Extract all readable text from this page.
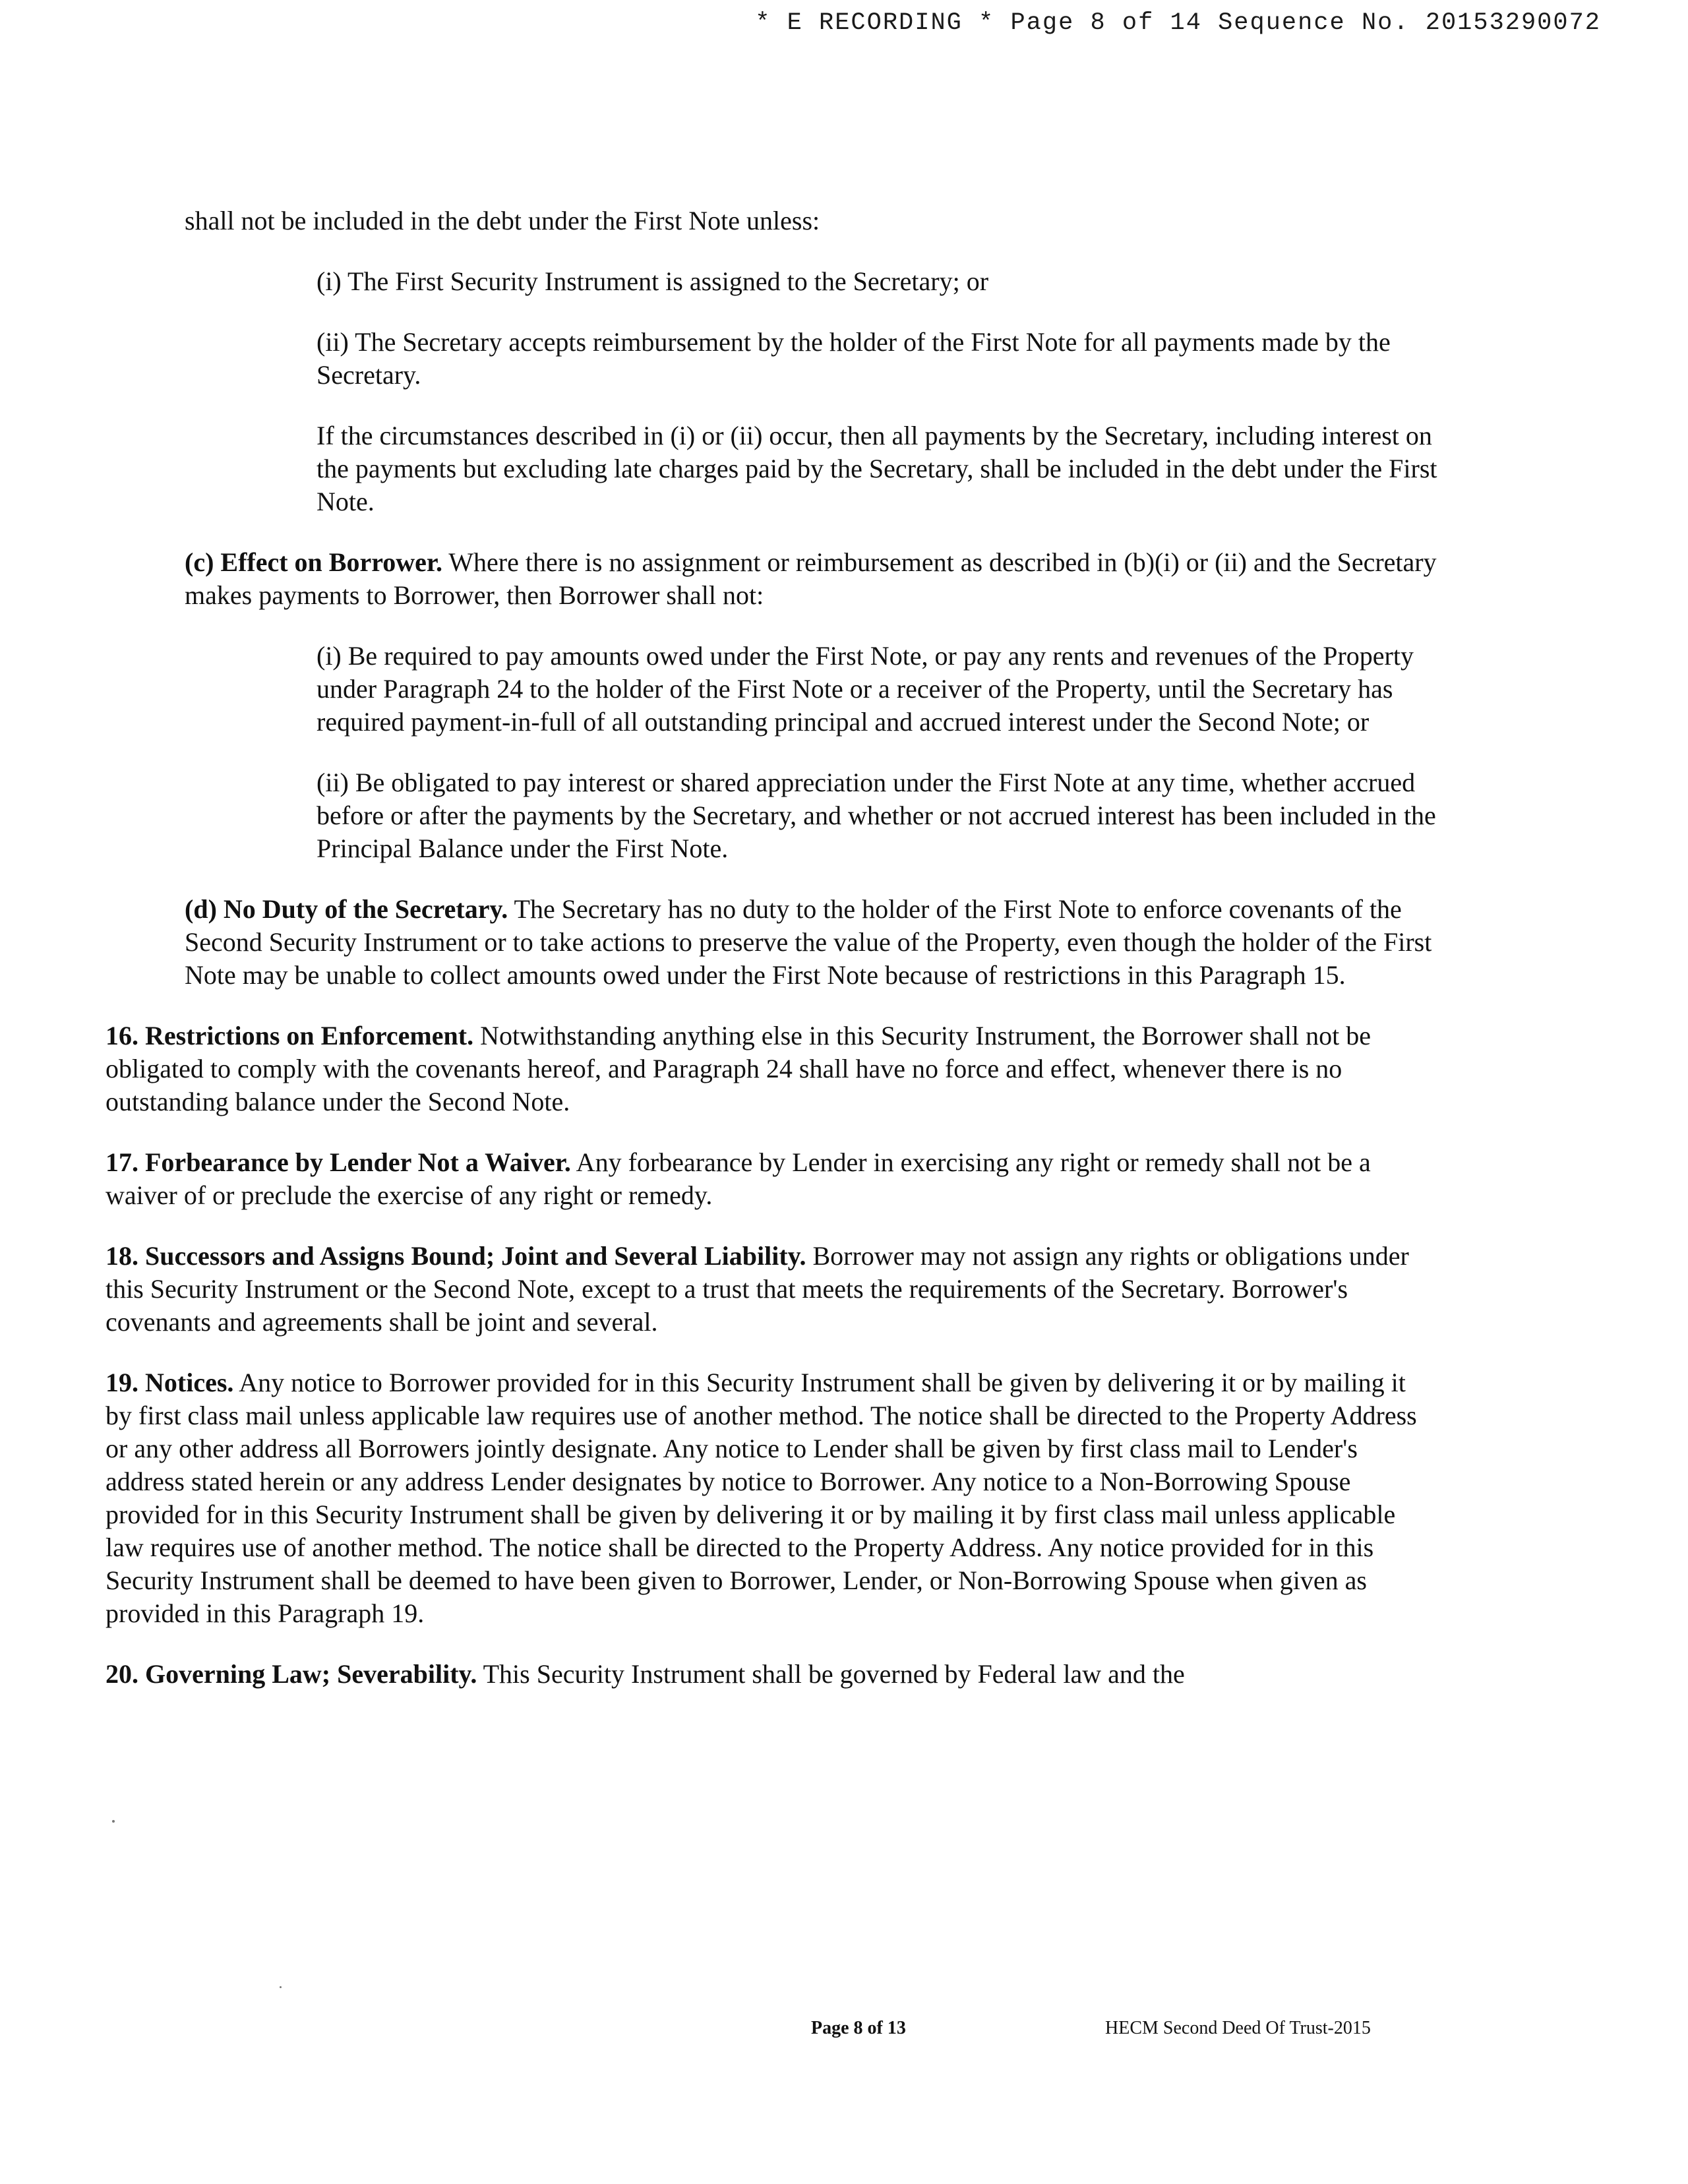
* E RECORDING * Page 8 of 14 Sequence No. 20153290072

shall not be included in the debt under the First Note unless:

(i) The First Security Instrument is assigned to the Secretary; or

(ii) The Secretary accepts reimbursement by the holder of the First Note for all payments made by the Secretary.

If the circumstances described in (i) or (ii) occur, then all payments by the Secretary, including interest on the payments but excluding late charges paid by the Secretary, shall be included in the debt under the First Note.

(c) Effect on Borrower. Where there is no assignment or reimbursement as described in (b)(i) or (ii) and the Secretary makes payments to Borrower, then Borrower shall not:

(i) Be required to pay amounts owed under the First Note, or pay any rents and revenues of the Property under Paragraph 24 to the holder of the First Note or a receiver of the Property, until the Secretary has required payment-in-full of all outstanding principal and accrued interest under the Second Note; or

(ii) Be obligated to pay interest or shared appreciation under the First Note at any time, whether accrued before or after the payments by the Secretary, and whether or not accrued interest has been included in the Principal Balance under the First Note.

(d) No Duty of the Secretary. The Secretary has no duty to the holder of the First Note to enforce covenants of the Second Security Instrument or to take actions to preserve the value of the Property, even though the holder of the First Note may be unable to collect amounts owed under the First Note because of restrictions in this Paragraph 15.

16. Restrictions on Enforcement. Notwithstanding anything else in this Security Instrument, the Borrower shall not be obligated to comply with the covenants hereof, and Paragraph 24 shall have no force and effect, whenever there is no outstanding balance under the Second Note.

17. Forbearance by Lender Not a Waiver. Any forbearance by Lender in exercising any right or remedy shall not be a waiver of or preclude the exercise of any right or remedy.

18. Successors and Assigns Bound; Joint and Several Liability. Borrower may not assign any rights or obligations under this Security Instrument or the Second Note, except to a trust that meets the requirements of the Secretary. Borrower's covenants and agreements shall be joint and several.

19. Notices. Any notice to Borrower provided for in this Security Instrument shall be given by delivering it or by mailing it by first class mail unless applicable law requires use of another method. The notice shall be directed to the Property Address or any other address all Borrowers jointly designate. Any notice to Lender shall be given by first class mail to Lender's address stated herein or any address Lender designates by notice to Borrower. Any notice to a Non-Borrowing Spouse provided for in this Security Instrument shall be given by delivering it or by mailing it by first class mail unless applicable law requires use of another method. The notice shall be directed to the Property Address. Any notice provided for in this Security Instrument shall be deemed to have been given to Borrower, Lender, or Non-Borrowing Spouse when given as provided in this Paragraph 19.

20. Governing Law; Severability. This Security Instrument shall be governed by Federal law and the

Page 8 of 13	HECM Second Deed Of Trust-2015
